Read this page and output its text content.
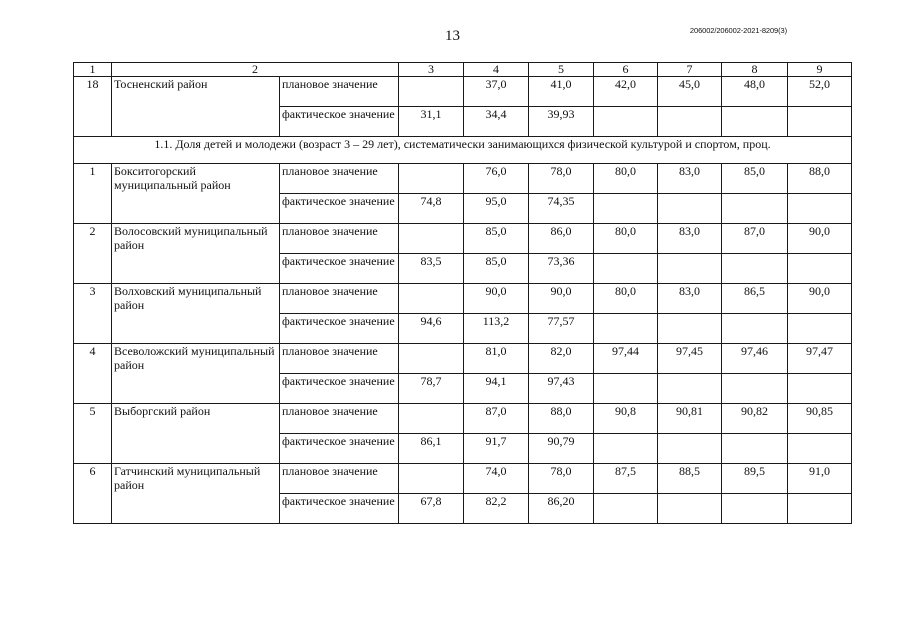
13	206002/206002-2021-8209(3)
1	2		3	4	5	6	7	8	9
18	Тосненский район	плановое значение		37,0	41,0	42,0	45,0	48,0	52,0
		фактическое значение	31,1	34,4	39,93				
1.1. Доля детей и молодежи (возраст 3 – 29 лет), систематически занимающихся физической культурой и спортом, проц.									
1	Бокситогорский муниципальный район	плановое значение		76,0	78,0	80,0	83,0	85,0	88,0
		фактическое значение	74,8	95,0	74,35				
2	Волосовский муниципальный район	плановое значение		85,0	86,0	80,0	83,0	87,0	90,0
		фактическое значение	83,5	85,0	73,36				
3	Волховский муниципальный район	плановое значение		90,0	90,0	80,0	83,0	86,5	90,0
		фактическое значение	94,6	113,2	77,57				
4	Всеволожский муниципальный район	плановое значение		81,0	82,0	97,44	97,45	97,46	97,47
		фактическое значение	78,7	94,1	97,43				
5	Выборгский район	плановое значение		87,0	88,0	90,8	90,81	90,82	90,85
		фактическое значение	86,1	91,7	90,79				
6	Гатчинский муниципальный район	плановое значение		74,0	78,0	87,5	88,5	89,5	91,0
		фактическое значение	67,8	82,2	86,20				
